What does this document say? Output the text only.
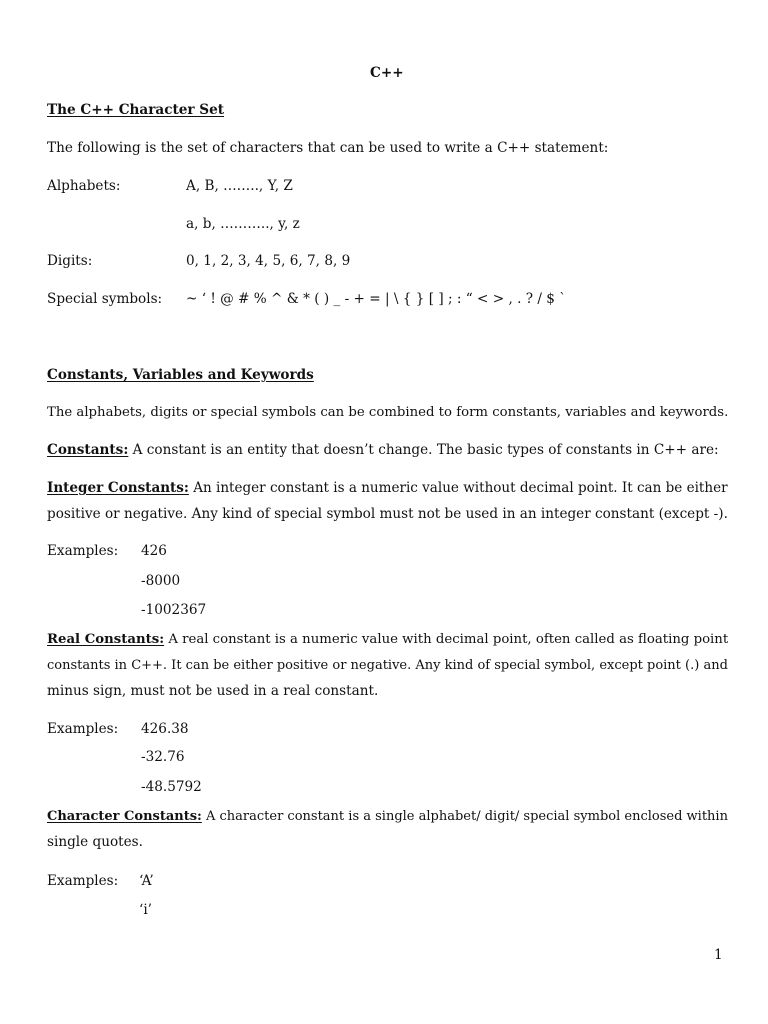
C++
The C++ Character Set
The following is the set of characters that can be used to write a C++ statement:
Alphabets:	A, B, …….., Y, Z
a, b, ……….., y, z
Digits:	0, 1, 2, 3, 4, 5, 6, 7, 8, 9
Special symbols: ~ ‘ ! @ # % ^ & * ( ) _ - + = | \ { } [ ] ; : “ < > , . ? / $ `
Constants, Variables and Keywords
The alphabets, digits or special symbols can be combined to form constants, variables and keywords.
Constants: A constant is an entity that doesn’t change. The basic types of constants in C++ are:
Integer Constants: An integer constant is a numeric value without decimal point. It can be either
positive or negative. Any kind of special symbol must not be used in an integer constant (except -).
Examples: 426
-8000
-1002367
Real Constants: A real constant is a numeric value with decimal point, often called as floating point
constants in C++. It can be either positive or negative. Any kind of special symbol, except point (.) and
minus sign, must not be used in a real constant.
Examples: 426.38
-32.76
-48.5792
Character Constants: A character constant is a single alphabet/ digit/ special symbol enclosed within
single quotes.
Examples: ‘A’
‘i’
1
